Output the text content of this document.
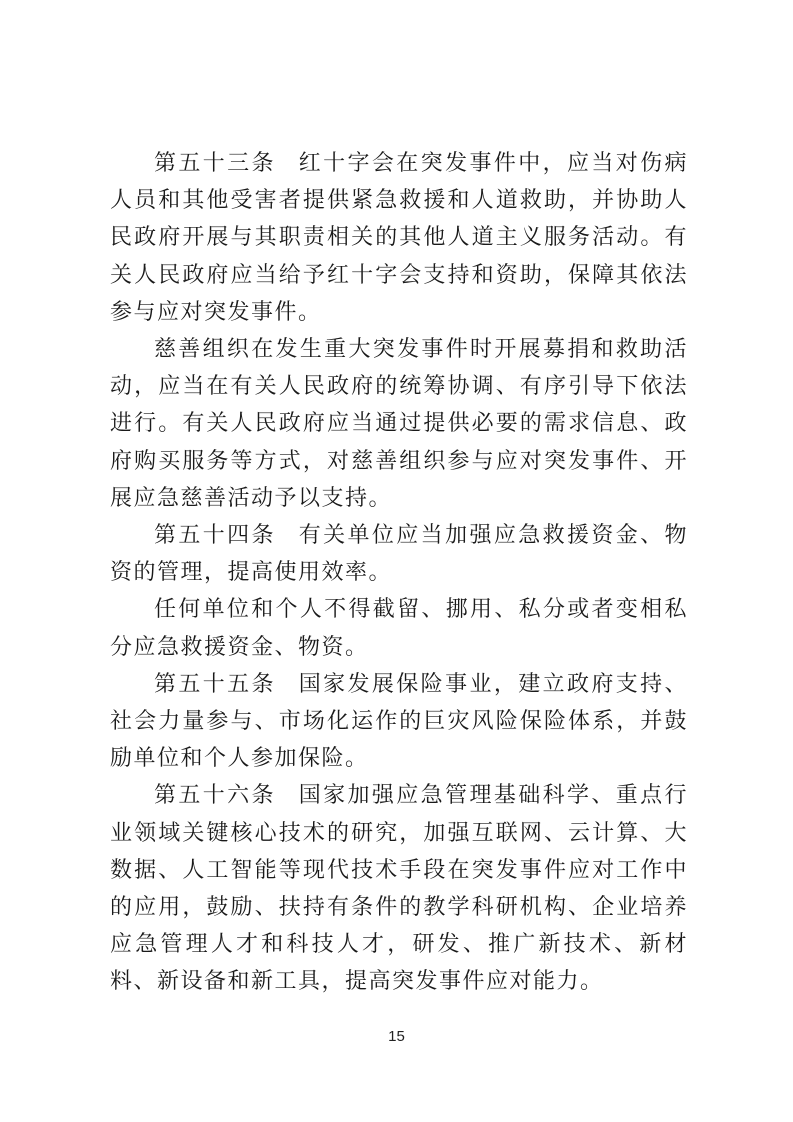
第五十三条 红十字会在突发事件中，应当对伤病人员和其他受害者提供紧急救援和人道救助，并协助人民政府开展与其职责相关的其他人道主义服务活动。有关人民政府应当给予红十字会支持和资助，保障其依法参与应对突发事件。

慈善组织在发生重大突发事件时开展募捐和救助活动，应当在有关人民政府的统筹协调、有序引导下依法进行。有关人民政府应当通过提供必要的需求信息、政府购买服务等方式，对慈善组织参与应对突发事件、开展应急慈善活动予以支持。

第五十四条 有关单位应当加强应急救援资金、物资的管理，提高使用效率。

任何单位和个人不得截留、挪用、私分或者变相私分应急救援资金、物资。

第五十五条 国家发展保险事业，建立政府支持、社会力量参与、市场化运作的巨灾风险保险体系，并鼓励单位和个人参加保险。

第五十六条 国家加强应急管理基础科学、重点行业领域关键核心技术的研究，加强互联网、云计算、大数据、人工智能等现代技术手段在突发事件应对工作中的应用，鼓励、扶持有条件的教学科研机构、企业培养应急管理人才和科技人才，研发、推广新技术、新材料、新设备和新工具，提高突发事件应对能力。

15
